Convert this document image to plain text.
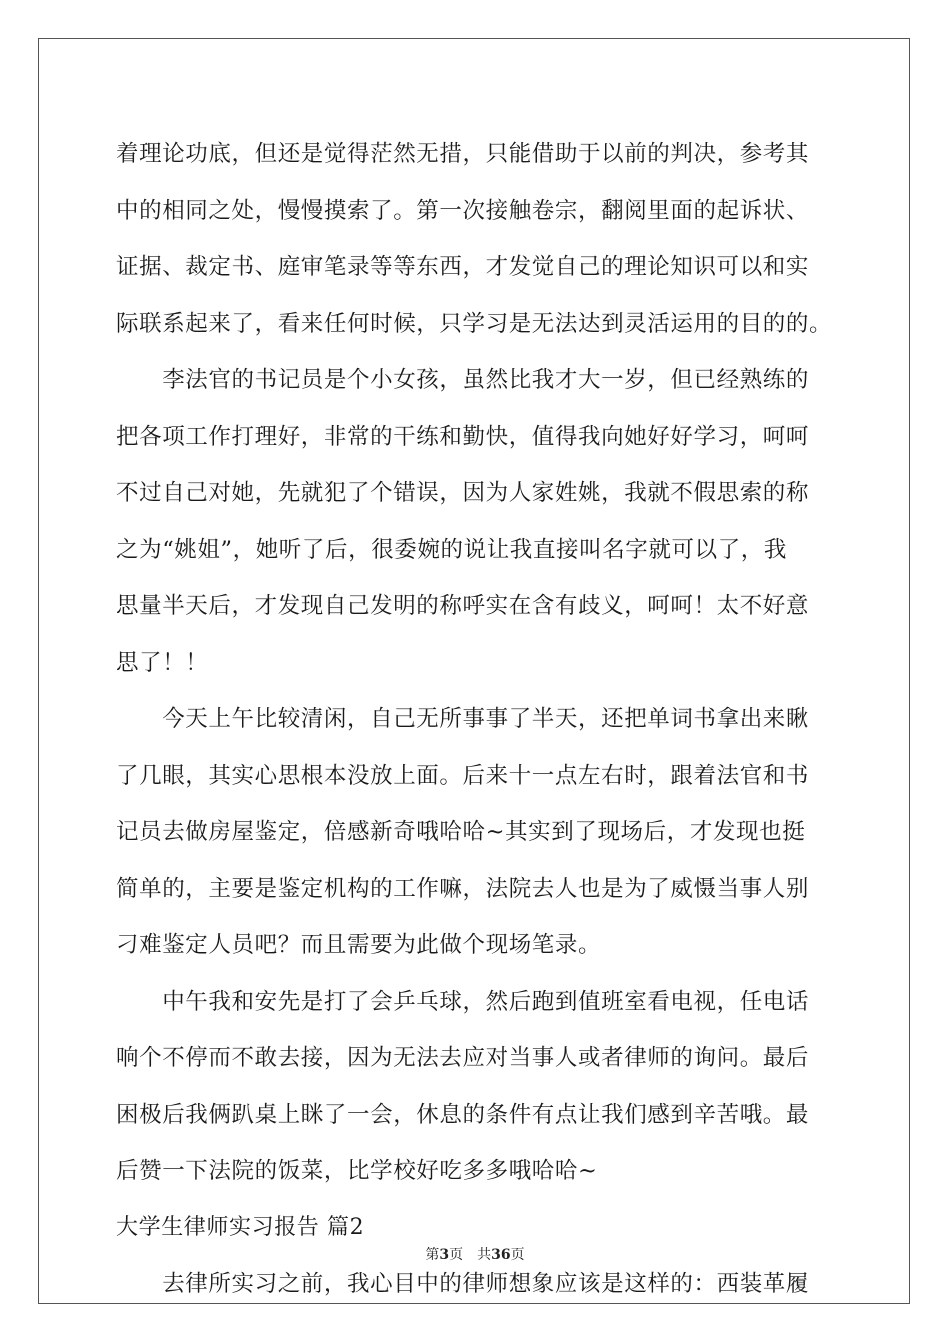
着理论功底，但还是觉得茫然无措，只能借助于以前的判决，参考其
中的相同之处，慢慢摸索了。第一次接触卷宗，翻阅里面的起诉状、
证据、裁定书、庭审笔录等等东西，才发觉自己的理论知识可以和实
际联系起来了，看来任何时候，只学习是无法达到灵活运用的目的的。
　　李法官的书记员是个小女孩，虽然比我才大一岁，但已经熟练的
把各项工作打理好，非常的干练和勤快，值得我向她好好学习，呵呵
不过自己对她，先就犯了个错误，因为人家姓姚，我就不假思索的称
之为“姚姐”，她听了后，很委婉的说让我直接叫名字就可以了，我
思量半天后，才发现自己发明的称呼实在含有歧义，呵呵！太不好意
思了！！
　　今天上午比较清闲，自己无所事事了半天，还把单词书拿出来瞅
了几眼，其实心思根本没放上面。后来十一点左右时，跟着法官和书
记员去做房屋鉴定，倍感新奇哦哈哈~其实到了现场后，才发现也挺
简单的，主要是鉴定机构的工作嘛，法院去人也是为了威慑当事人别
刁难鉴定人员吧？而且需要为此做个现场笔录。
　　中午我和安先是打了会乒乓球，然后跑到值班室看电视，任电话
响个不停而不敢去接，因为无法去应对当事人或者律师的询问。最后
困极后我俩趴桌上眯了一会，休息的条件有点让我们感到辛苦哦。最
后赞一下法院的饭菜，比学校好吃多多哦哈哈~
大学生律师实习报告 篇2
　　去律所实习之前，我心目中的律师想象应该是这样的：西装革履
第3页　共36页
